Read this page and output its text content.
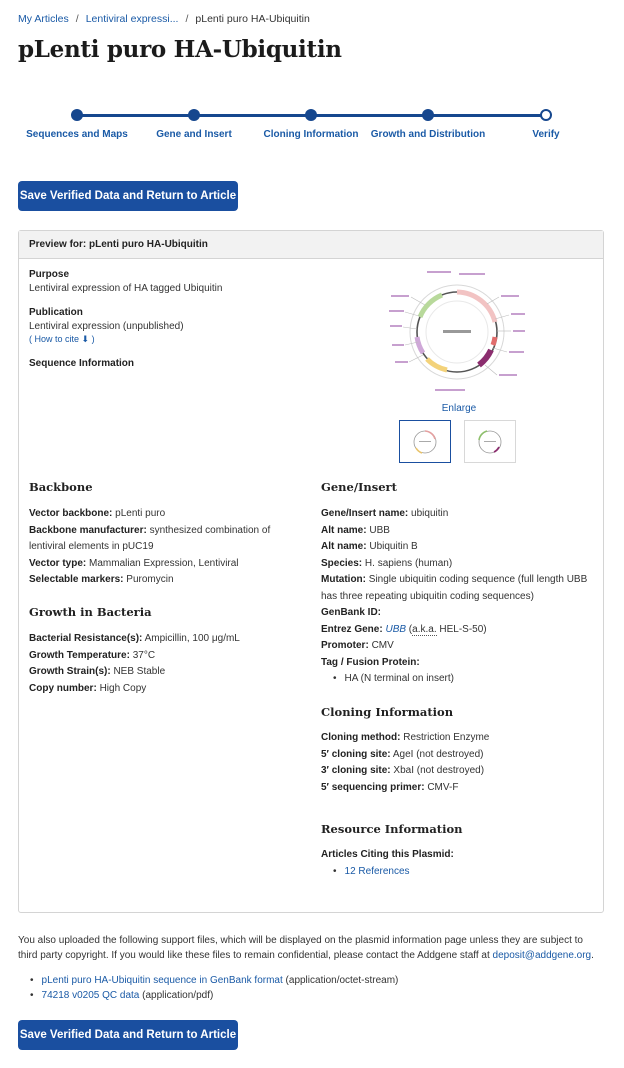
My Articles / Lentiviral expressi... / pLenti puro HA-Ubiquitin
pLenti puro HA-Ubiquitin
Sequences and Maps	Gene and Insert	Cloning Information	Growth and Distribution	Verify
Save Verified Data and Return to Article
Preview for: pLenti puro HA-Ubiquitin
Purpose
Lentiviral expression of HA tagged Ubiquitin
Publication
Lentiviral expression (unpublished)
( How to cite ⬇ )
Sequence Information
Enlarge
Backbone
Vector backbone: pLenti puro
Backbone manufacturer: synthesized combination of lentiviral elements in pUC19
Vector type: Mammalian Expression, Lentiviral
Selectable markers: Puromycin
Growth in Bacteria
Bacterial Resistance(s): Ampicillin, 100 μg/mL
Growth Temperature: 37°C
Growth Strain(s): NEB Stable
Copy number: High Copy
Gene/Insert
Gene/Insert name: ubiquitin
Alt name: UBB
Alt name: Ubiquitin B
Species: H. sapiens (human)
Mutation: Single ubiquitin coding sequence (full length UBB
has three repeating ubiquitin coding sequences)
GenBank ID:
Entrez Gene: UBB (a.k.a. HEL-S-50)
Promoter: CMV
Tag / Fusion Protein:
• HA (N terminal on insert)
Cloning Information
Cloning method: Restriction Enzyme
5′ cloning site: AgeI (not destroyed)
3′ cloning site: XbaI (not destroyed)
5′ sequencing primer: CMV-F
Resource Information
Articles Citing this Plasmid:
• 12 References
You also uploaded the following support files, which will be displayed on the plasmid information page unless they are subject to
third party copyright. If you would like these files to remain confidential, please contact the Addgene staff at deposit@addgene.org.
• pLenti puro HA-Ubiquitin sequence in GenBank format (application/octet-stream)
• 74218 v0205 QC data (application/pdf)
Save Verified Data and Return to Article
